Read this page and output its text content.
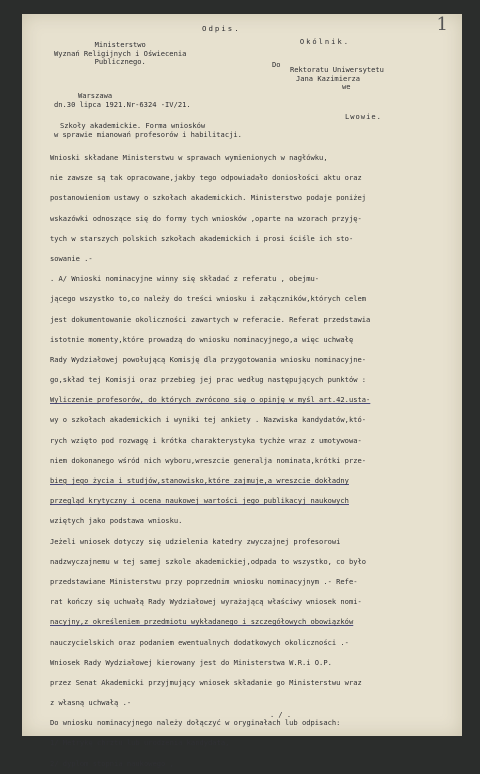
1
Odpis.
Ministerstwo
Wyznań Religijnych i Oświecenia
Publicznego.
Okólnik.
Do
Rektoratu Uniwersytetu
Jana Kazimierza
we
Warszawa
dn.30 lipca 1921.Nr-6324 -IV/21.
Lwowie.
Szkoły akademickie. Forma wniosków
w sprawie mianowań profesorów i habilitacji.
Wnioski składane Ministerstwu w sprawach wymienionych w nagłówku,
nie zawsze są tak opracowane,jakby tego odpowiadało doniosłości aktu oraz
postanowieniom ustawy o szkołach akademickich. Ministerstwo podaje poniżej
wskazówki odnoszące się do formy tych wniosków ,oparte na wzorach przyję-
tych w starszych polskich szkołach akademickich i prosi ściśle ich sto-
sowanie .-
. A/ Wnioski nominacyjne winny się składać z referatu , obejmu-
jącego wszystko to,co należy do treści wniosku i załączników,których celem
jest dokumentowanie okoliczności zawartych w referacie. Referat przedstawia
istotnie momenty,które prowadzą do wniosku nominacyjnego,a więc uchwałę
Rady Wydziałowej powołującą Komisję dla przygotowania wniosku nominacyjne-
go,skład tej Komisji oraz przebieg jej prac według następujących punktów :
Wyliczenie profesorów, do których zwrócono się o opinję w myśl art.42.usta-
wy o szkołach akademickich i wyniki tej ankiety . Nazwiska kandydatów,któ-
rych wzięto pod rozwagę i krótka charakterystyka tychże wraz z umotywowa-
niem dokonanego wśród nich wyboru,wreszcie generalja nominata,krótki prze-
bieg jego życia i studjów,stanowisko,które zajmuje,a wreszcie dokładny
przegląd krytyczny i ocena naukowej wartości jego publikacyj naukowych
wziętych jako podstawa wniosku.
Jeżeli wniosek dotyczy się udzielenia katedry zwyczajnej profesorowi
nadzwyczajnemu w tej samej szkole akademickiej,odpada to wszystko, co było
przedstawiane Ministerstwu przy poprzednim wniosku nominacyjnym .- Refe-
rat kończy się uchwałą Rady Wydziałowej wyrażającą właściwy wniosek nomi-
nacyjny,z określeniem przedmiotu wykładanego i szczegółowych obowiązków
nauczycielskich oraz podaniem ewentualnych dodatkowych okoliczności .-
Wniosek Rady Wydziałowej kierowany jest do Ministerstwa W.R.i O.P.
przez Senat Akademicki przyjmujący wniosek składanie go Ministerstwu wraz
z własną uchwałą .-
Do wniosku nominacyjnego należy dołączyć w oryginałach lub odpisach:
1/ Metrykę chrztu lub urodzenia kandydata,
2/ dyplom stopnia naukowego ,
. / .
